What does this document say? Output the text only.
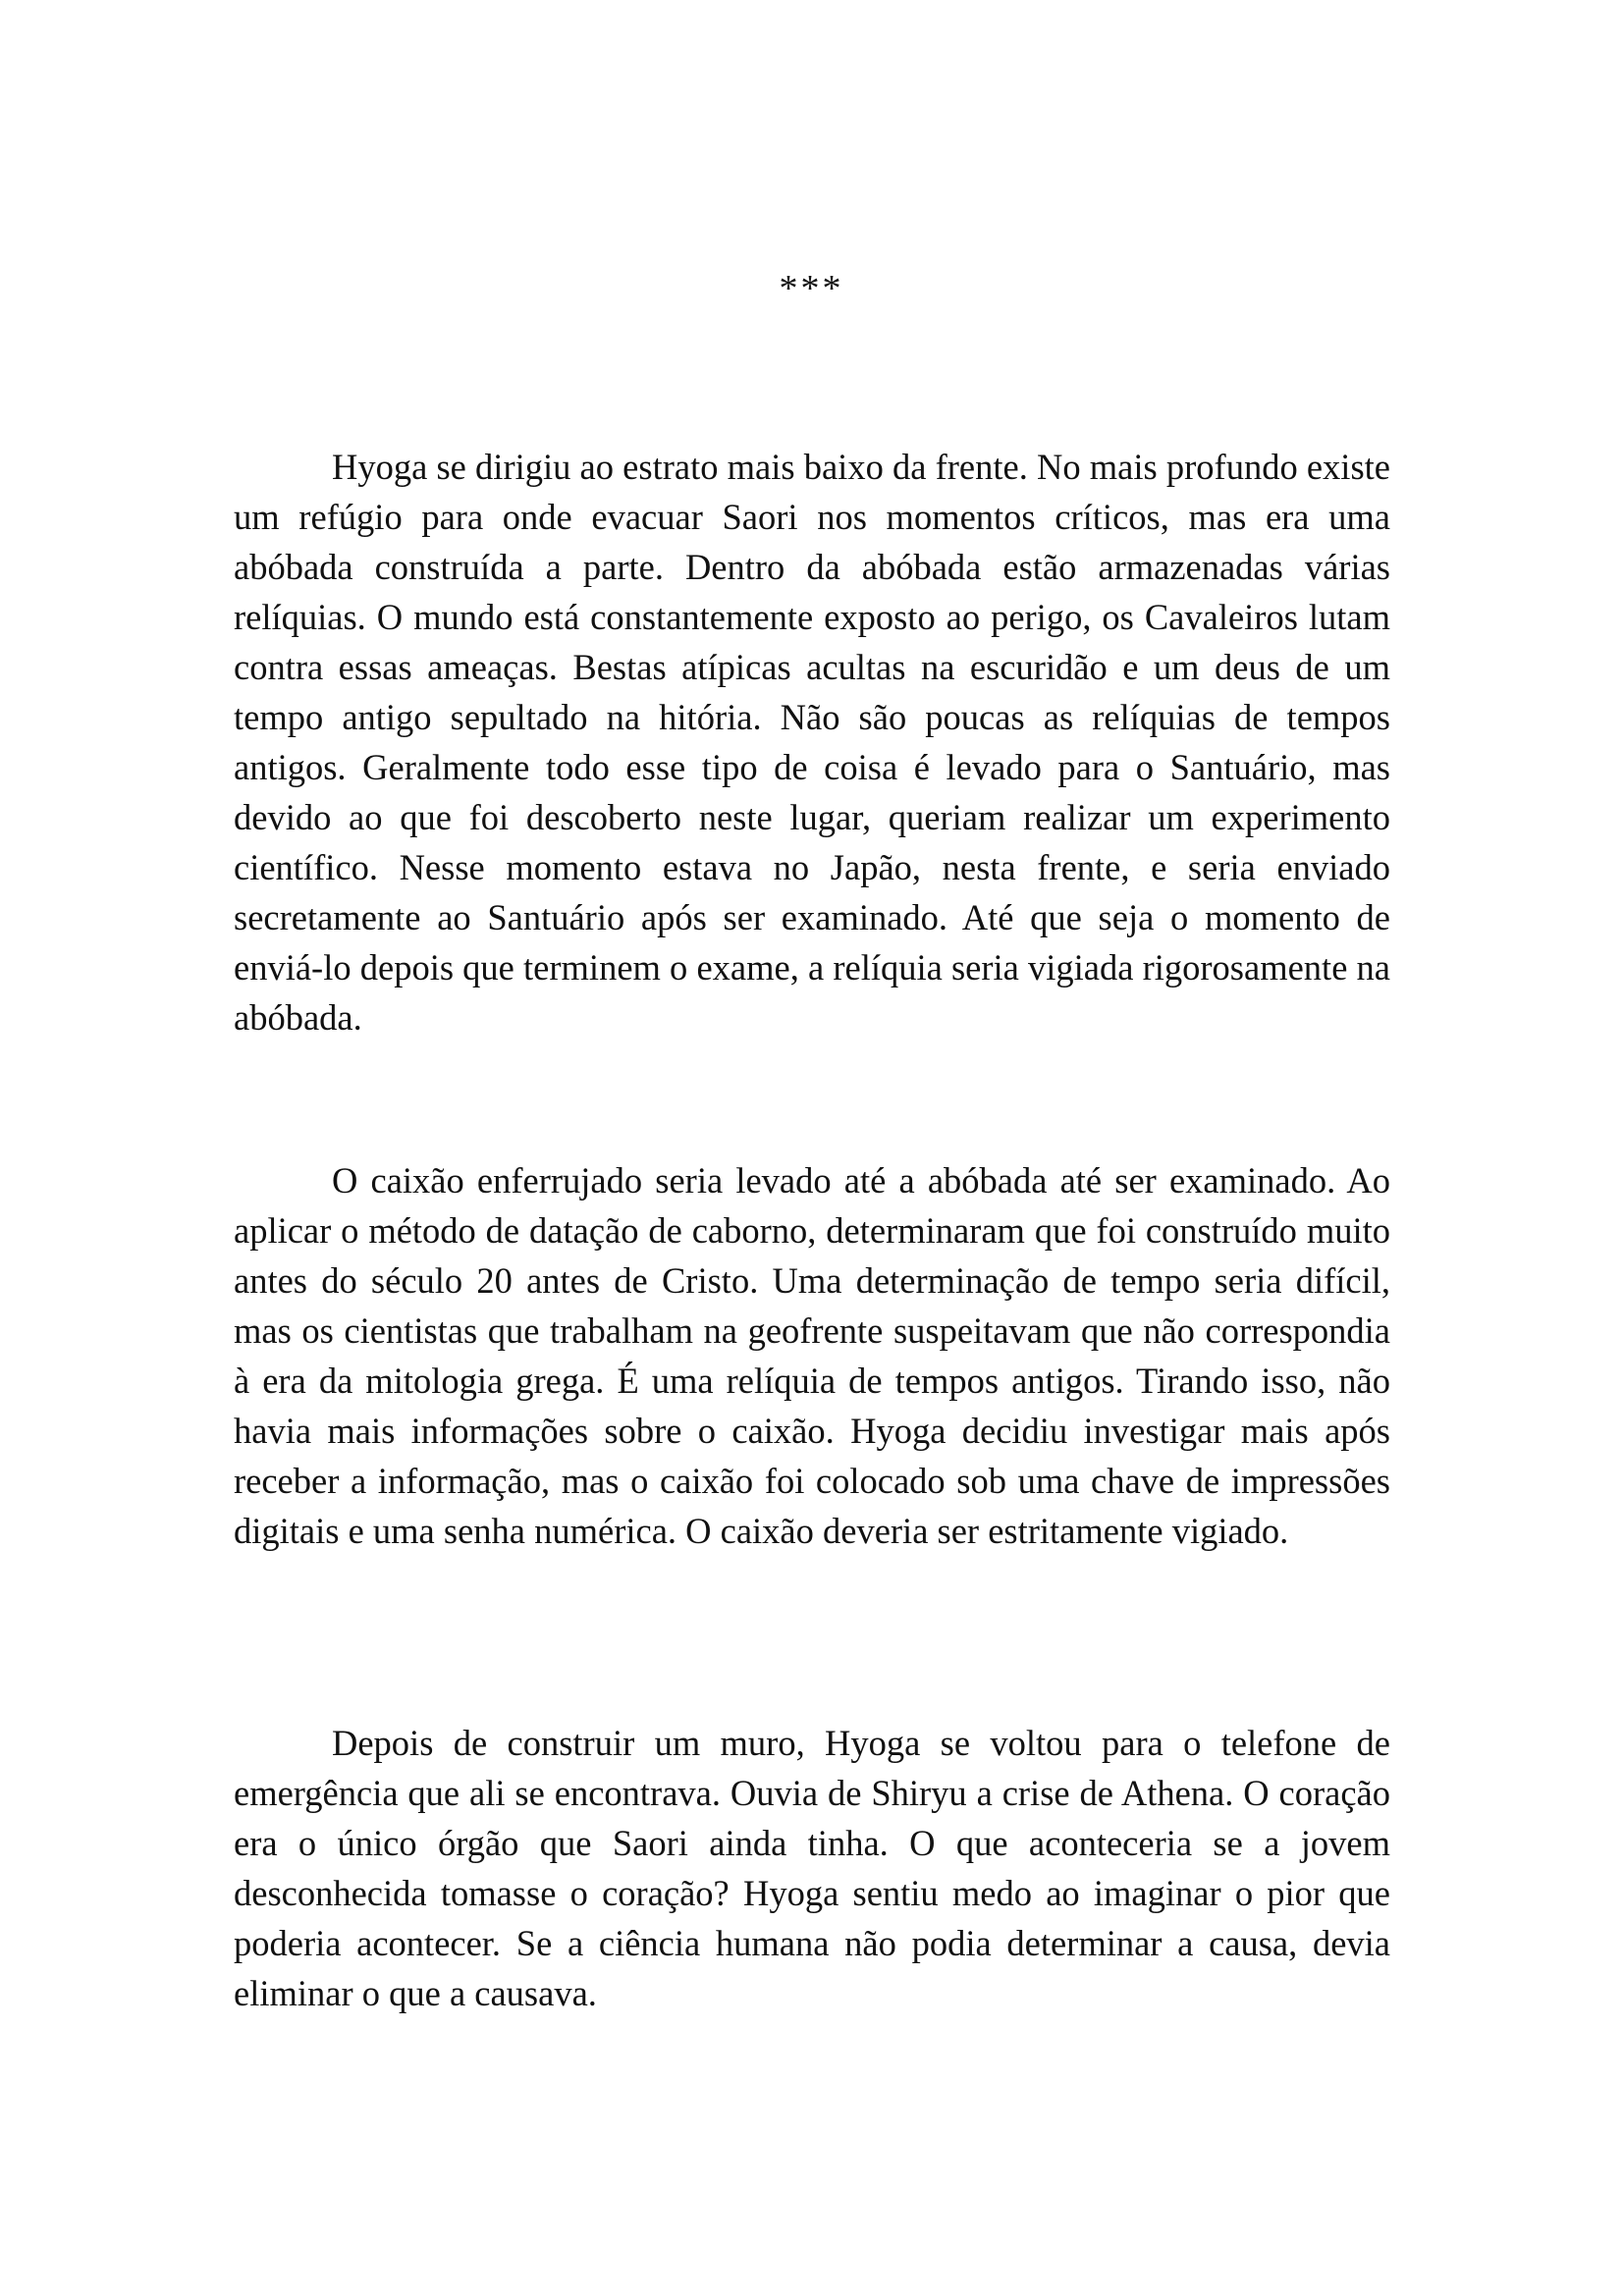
***

Hyoga se dirigiu ao estrato mais baixo da frente. No mais profundo existe um refúgio para onde evacuar Saori nos momentos críticos, mas era uma abóbada construída a parte. Dentro da abóbada estão armazenadas várias relíquias. O mundo está constantemente exposto ao perigo, os Cavaleiros lutam contra essas ameaças. Bestas atípicas acultas na escuridão e um deus de um tempo antigo sepultado na hitória. Não são poucas as relíquias de tempos antigos. Geralmente todo esse tipo de coisa é levado para o Santuário, mas devido ao que foi descoberto neste lugar, queriam realizar um experimento científico. Nesse momento estava no Japão, nesta frente, e seria enviado secretamente ao Santuário após ser examinado. Até que seja o momento de enviá-lo depois que terminem o exame, a relíquia seria vigiada rigorosamente na abóbada.

O caixão enferrujado seria levado até a abóbada até ser examinado. Ao aplicar o método de datação de caborno, determinaram que foi construído muito antes do século 20 antes de Cristo. Uma determinação de tempo seria difícil, mas os cientistas que trabalham na geofrente suspeitavam que não correspondia à era da mitologia grega. É uma relíquia de tempos antigos. Tirando isso, não havia mais informações sobre o caixão. Hyoga decidiu investigar mais após receber a informação, mas o caixão foi colocado sob uma chave de impressões digitais e uma senha numérica. O caixão deveria ser estritamente vigiado.

Depois de construir um muro, Hyoga se voltou para o telefone de emergência que ali se encontrava. Ouvia de Shiryu a crise de Athena. O coração era o único órgão que Saori ainda tinha. O que aconteceria se a jovem desconhecida tomasse o coração? Hyoga sentiu medo ao imaginar o pior que poderia acontecer. Se a ciência humana não podia determinar a causa, devia eliminar o que a causava.
